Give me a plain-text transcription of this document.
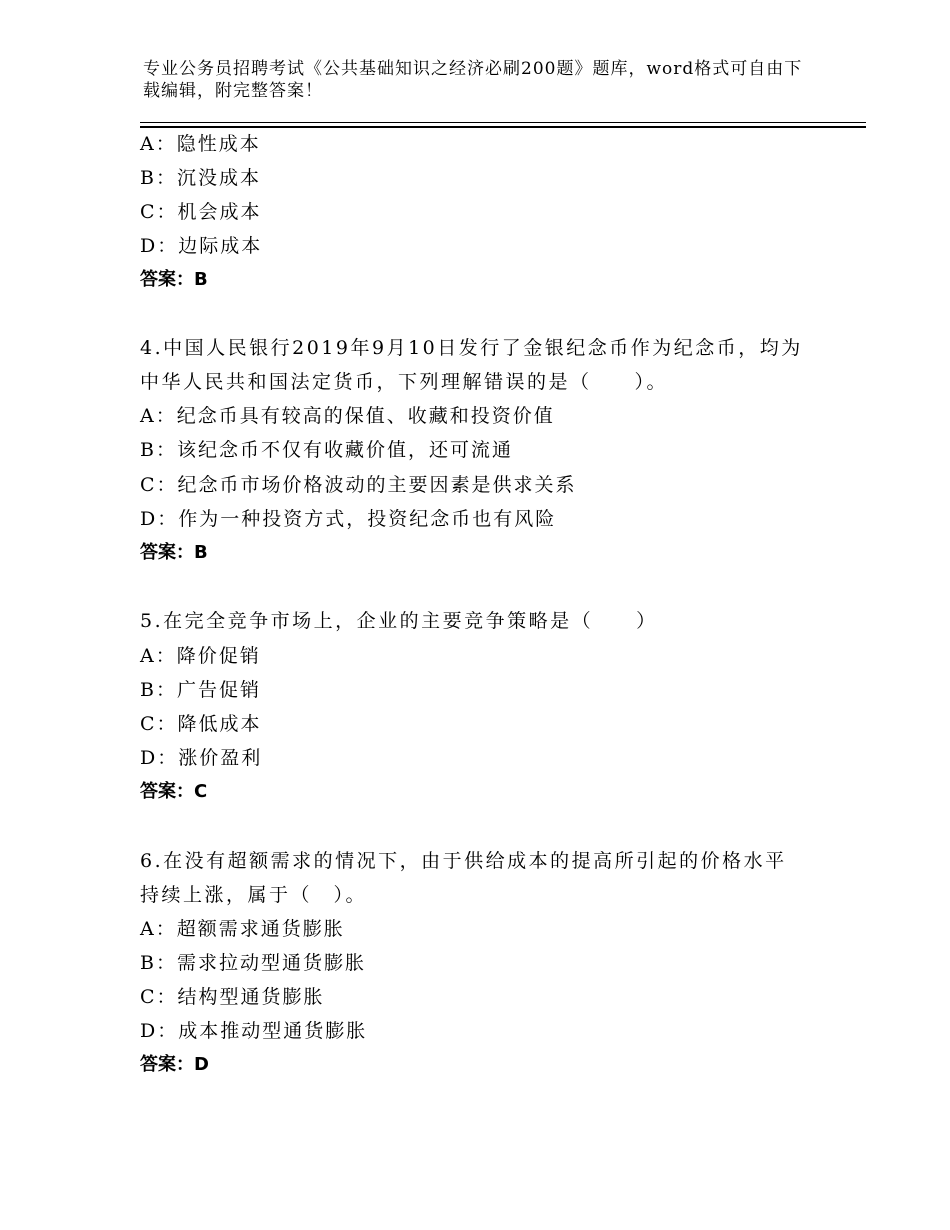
专业公务员招聘考试《公共基础知识之经济必刷200题》题库，word格式可自由下载编辑，附完整答案！
A：隐性成本
B：沉没成本
C：机会成本
D：边际成本
答案：B
4.中国人民银行2019年9月10日发行了金银纪念币作为纪念币，均为
中华人民共和国法定货币，下列理解错误的是（　　）。
A：纪念币具有较高的保值、收藏和投资价值
B：该纪念币不仅有收藏价值，还可流通
C：纪念币市场价格波动的主要因素是供求关系
D：作为一种投资方式，投资纪念币也有风险
答案：B
5.在完全竞争市场上，企业的主要竞争策略是（　　）
A：降价促销
B：广告促销
C：降低成本
D：涨价盈利
答案：C
6.在没有超额需求的情况下，由于供给成本的提高所引起的价格水平
持续上涨，属于（　）。
A：超额需求通货膨胀
B：需求拉动型通货膨胀
C：结构型通货膨胀
D：成本推动型通货膨胀
答案：D
